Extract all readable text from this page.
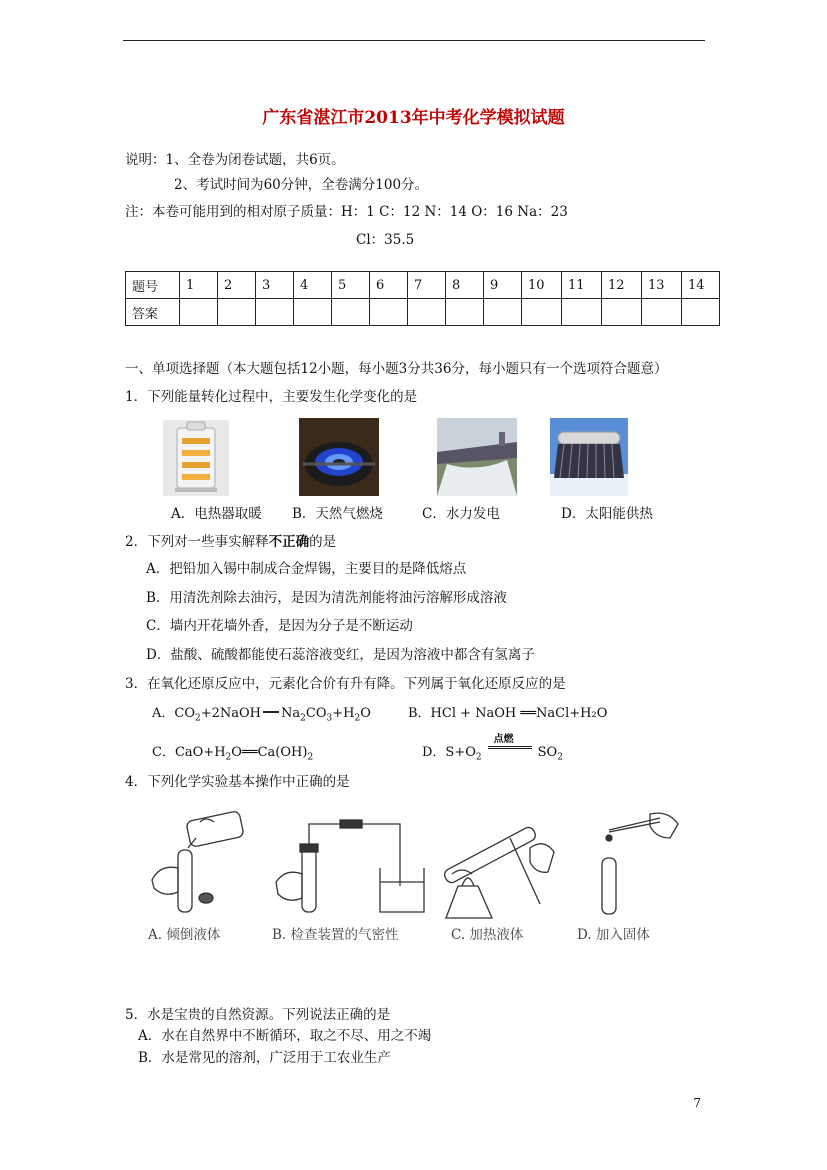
广东省湛江市2013年中考化学模拟试题
说明：1、全卷为闭卷试题，共6页。
2、考试时间为60分钟，全卷满分100分。
注：本卷可能用到的相对原子质量：H：1 C：12 N：14 O：16 Na：23
Cl：35.5
题号	1	2	3	4	5	6	7	8	9	10	11	12	13	14
答案														
一、单项选择题（本大题包括12小题，每小题3分共36分，每小题只有一个选项符合题意）
1．下列能量转化过程中，主要发生化学变化的是
A．电热器取暖 B．天然气燃烧	C．水力发电	D．太阳能供热
2．下列对一些事实解释不正确的是
A．把铅加入锡中制成合金焊锡，主要目的是降低熔点
B．用清洗剂除去油污，是因为清洗剂能将油污溶解形成溶液
C．墙内开花墙外香，是因为分子是不断运动
D．盐酸、硫酸都能使石蕊溶液变红，是因为溶液中都含有氢离子
3．在氧化还原反应中，元素化合价有升有降。下列属于氧化还原反应的是
A．$CO_2+2NaOH$ $Na_2CO_3+H_2O$	B．HCl + NaOH ══NaCl+H₂O
C．$CaO+H_2O══Ca(OH)_2$	D．$S+O_2$
点燃
$SO_2$
4．下列化学实验基本操作中正确的是
A. 倾倒液体	B. 检查装置的气密性	C. 加热液体	D. 加入固体
5．水是宝贵的自然资源。下列说法正确的是
A．水在自然界中不断循环，取之不尽、用之不竭
B．水是常见的溶剂，广泛用于工农业生产
7
